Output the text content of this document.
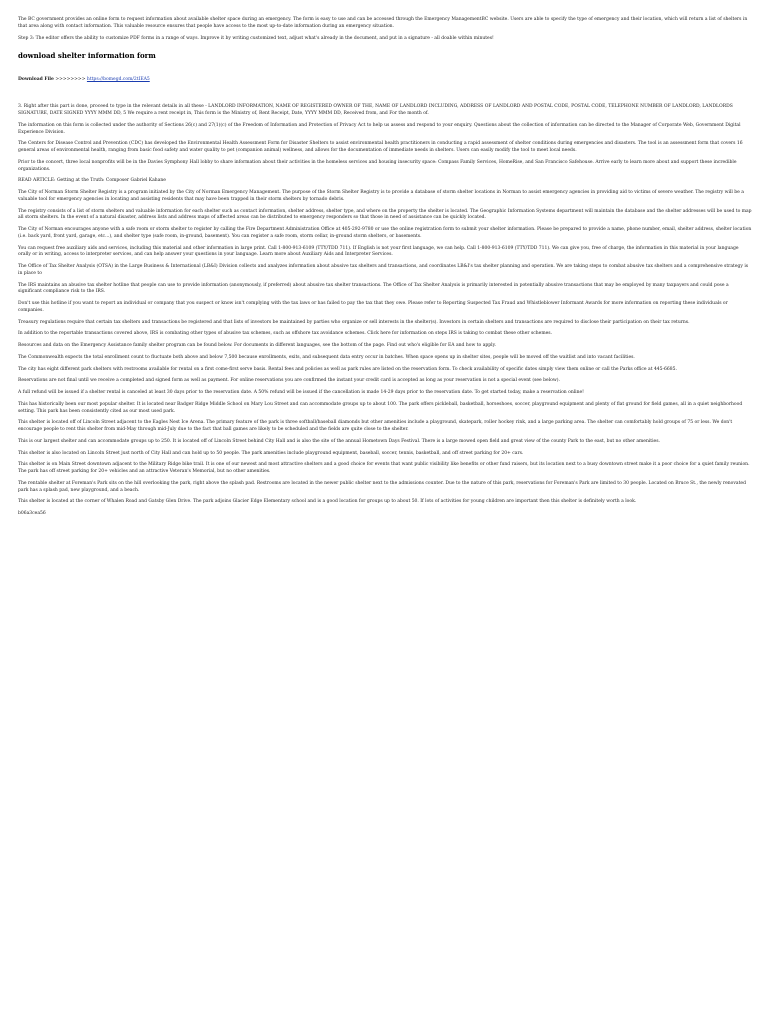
The BC government provides an online form to request information about available shelter space during an emergency. The form is easy to use and can be accessed through the Emergency ManagementBC website. Users are able to specify the type of emergency and their location, which will return a list of shelters in that area along with contact information. This valuable resource ensures that people have access to the most up-to-date information during an emergency situation.

Step 3: The editor offers the ability to customize PDF forms in a range of ways. Improve it by writing customized text, adjust what's already in the document, and put in a signature - all doable within minutes!

download shelter information form
Download File >>>>>>>> https://bomegd.com/2tIEA5

3. Right after this part is done, proceed to type in the relevant details in all these - LANDLORD INFORMATION, NAME OF REGISTERED OWNER OF THE, NAME OF LANDLORD INCLUDING, ADDRESS OF LANDLORD AND POSTAL CODE, POSTAL CODE, TELEPHONE NUMBER OF LANDLORD, LANDLORDS SIGNATURE, DATE SIGNED YYYY MMM DD, 5 We require a rent receipt in, This form is the Ministry of, Rent Receipt, Date, YYYY MMM DD, Received from, and For the month of.

The information on this form is collected under the authority of Sections 26(c) and 27(1)(c) of the Freedom of Information and Protection of Privacy Act to help us assess and respond to your enquiry. Questions about the collection of information can be directed to the Manager of Corporate Web, Government Digital Experience Division.

The Centers for Disease Control and Prevention (CDC) has developed the Environmental Health Assessment Form for Disaster Shelters to assist environmental health practitioners in conducting a rapid assessment of shelter conditions during emergencies and disasters. The tool is an assessment form that covers 16 general areas of environmental health, ranging from basic food safety and water quality to pet (companion animal) wellness, and allows for the documentation of immediate needs in shelters. Users can easily modify the tool to meet local needs.

Prior to the concert, three local nonprofits will be in the Davies Symphony Hall lobby to share information about their activities in the homeless services and housing insecurity space: Compass Family Services, HomeRise, and San Francisco Safehouse. Arrive early to learn more about and support these incredible organizations.

READ ARTICLE: Getting at the Truth: Composer Gabriel Kahane

The City of Norman Storm Shelter Registry is a program initiated by the City of Norman Emergency Management. The purpose of the Storm Shelter Registry is to provide a database of storm shelter locations in Norman to assist emergency agencies in providing aid to victims of severe weather. The registry will be a valuable tool for emergency agencies in locating and assisting residents that may have been trapped in their storm shelters by tornado debris.

The registry consists of a list of storm shelters and valuable information for each shelter such as contact information, shelter address, shelter type, and where on the property the shelter is located. The Geographic Information Systems department will maintain the database and the shelter addresses will be used to map all storm shelters. In the event of a natural disaster, address lists and address maps of affected areas can be distributed to emergency responders so that those in need of assistance can be quickly located.

The City of Norman encourages anyone with a safe room or storm shelter to register by calling the Fire Department Administration Office at 405-292-9780 or use the online registration form to submit your shelter information. Please be prepared to provide a name, phone number, email, shelter address, shelter location (i.e. back yard, front yard, garage, etc...), and shelter type (safe room, in-ground, basement). You can register a safe room, storm cellar, in-ground storm shelters, or basements.

You can request free auxiliary aids and services, including this material and other information in large print. Call 1-800-913-6109 (TTY/TDD 711). If English is not your first language, we can help. Call 1-800-913-6109 (TTY/TDD 711). We can give you, free of charge, the information in this material in your language orally or in writing, access to interpreter services, and can help answer your questions in your language. Learn more about Auxiliary Aids and Interpreter Services.

The Office of Tax Shelter Analysis (OTSA) in the Large Business & International (LB&I) Division collects and analyzes information about abusive tax shelters and transactions, and coordinates LB&I's tax shelter planning and operation. We are taking steps to combat abusive tax shelters and a comprehensive strategy is in place to

The IRS maintains an abusive tax shelter hotline that people can use to provide information (anonymously, if preferred) about abusive tax shelter transactions. The Office of Tax Shelter Analysis is primarily interested in potentially abusive transactions that may be employed by many taxpayers and could pose a significant compliance risk to the IRS.

Don't use this hotline if you want to report an individual or company that you suspect or know isn't complying with the tax laws or has failed to pay the tax that they owe. Please refer to Reporting Suspected Tax Fraud and Whistleblower Informant Awards for more information on reporting these individuals or companies.

Treasury regulations require that certain tax shelters and transactions be registered and that lists of investors be maintained by parties who organize or sell interests in the shelter(s). Investors in certain shelters and transactions are required to disclose their participation on their tax returns.

In addition to the reportable transactions covered above, IRS is combating other types of abusive tax schemes, such as offshore tax avoidance schemes. Click here for information on steps IRS is taking to combat these other schemes.

Resources and data on the Emergency Assistance family shelter program can be found below. For documents in different languages, see the bottom of the page. Find out who's eligible for EA and how to apply.

The Commonwealth expects the total enrollment count to fluctuate both above and below 7,500 because enrollments, exits, and subsequent data entry occur in batches. When space opens up in shelter sites, people will be moved off the waitlist and into vacant facilities.

The city has eight different park shelters with restrooms available for rental on a first come-first serve basis. Rental fees and policies as well as park rules are listed on the reservation form. To check availability of specific dates simply view them online or call the Parks office at 445-6685.

Reservations are not final until we receive a completed and signed form as well as payment. For online reservations you are confirmed the instant your credit card is accepted as long as your reservation is not a special event (see below).

A full refund will be issued if a shelter rental is canceled at least 30 days prior to the reservation date. A 50% refund will be issued if the cancellation is made 14-29 days prior to the reservation date. To get started today, make a reservation online!

This has historically been our most popular shelter. It is located near Badger Ridge Middle School on Mary Lou Street and can accommodate groups up to about 100. The park offers pickleball, basketball, horseshoes, soccer, playground equipment and plenty of flat ground for field games, all in a quiet neighborhood setting. This park has been consistently cited as our most used park.

This shelter is located off of Lincoln Street adjacent to the Eagles Nest Ice Arena. The primary feature of the park is three softball/baseball diamonds but other amenities include a playground, skatepark, roller hockey rink, and a large parking area. The shelter can comfortably hold groups of 75 or less. We don't encourage people to rent this shelter from mid-May through mid-July due to the fact that ball games are likely to be scheduled and the fields are quite close to the shelter.

This is our largest shelter and can accommodate groups up to 250. It is located off of Lincoln Street behind City Hall and is also the site of the annual Hometown Days Festival. There is a large mowed open field and great view of the county Park to the east, but no other amenities.

This shelter is also located on Lincoln Street just north of City Hall and can hold up to 50 people. The park amenities include playground equipment, baseball, soccer, tennis, basketball, and off street parking for 20+ cars.

This shelter is on Main Street downtown adjacent to the Military Ridge bike trail. It is one of our newest and most attractive shelters and a good choice for events that want public visibility like benefits or other fund raisers, but its location next to a busy downtown street make it a poor choice for a quiet family reunion. The park has off street parking for 20+ vehicles and an attractive Veteran's Memorial, but no other amenities.

The rentable shelter at Foreman's Park sits on the hill overlooking the park, right above the splash pad. Restrooms are located in the newer public shelter next to the admissions counter. Due to the nature of this park, reservations for Foreman's Park are limited to 30 people. Located on Bruce St., the newly renovated park has a splash pad, new playground, and a beach.

This shelter is located at the corner of Whalen Road and Gatsby Glen Drive. The park adjoins Glacier Edge Elementary school and is a good location for groups up to about 50. If lots of activities for young children are important then this shelter is definitely worth a look.

b06a3cea56
